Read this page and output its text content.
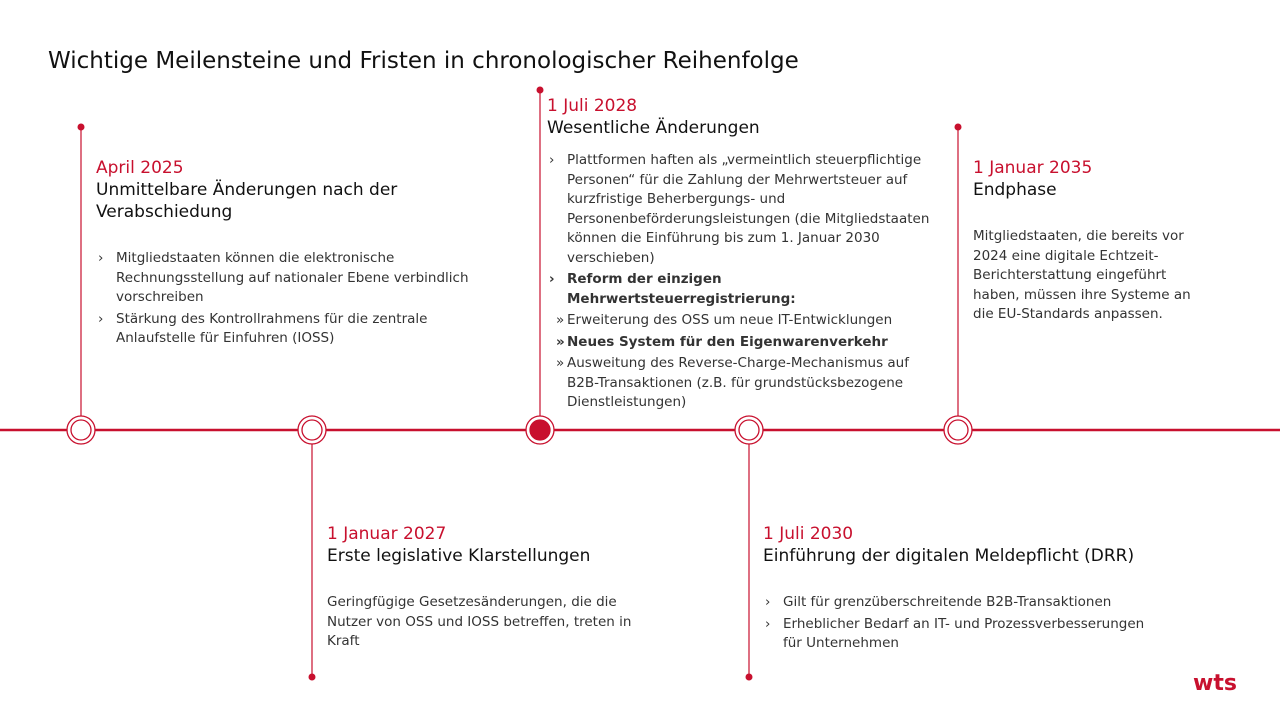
Wichtige Meilensteine und Fristen in chronologischer Reihenfolge
April 2025
Unmittelbare Änderungen nach der Verabschiedung
› Mitgliedstaaten können die elektronische Rechnungsstellung auf nationaler Ebene verbindlich vorschreiben
› Stärkung des Kontrollrahmens für die zentrale Anlaufstelle für Einfuhren (IOSS)
1 Januar 2027
Erste legislative Klarstellungen
Geringfügige Gesetzesänderungen, die die Nutzer von OSS und IOSS betreffen, treten in Kraft
1 Juli 2028
Wesentliche Änderungen
› Plattformen haften als „vermeintlich steuerpflichtige Personen“ für die Zahlung der Mehrwertsteuer auf kurzfristige Beherbergungs- und Personenbeförderungsleistungen (die Mitgliedstaaten können die Einführung bis zum 1. Januar 2030 verschieben)
› Reform der einzigen Mehrwertsteuerregistrierung:
» Erweiterung des OSS um neue IT-Entwicklungen
» Neues System für den Eigenwarenverkehr
» Ausweitung des Reverse-Charge-Mechanismus auf B2B-Transaktionen (z.B. für grundstücksbezogene Dienstleistungen)
1 Juli 2030
Einführung der digitalen Meldepflicht (DRR)
› Gilt für grenzüberschreitende B2B-Transaktionen
› Erheblicher Bedarf an IT- und Prozessverbesserungen für Unternehmen
1 Januar 2035
Endphase
Mitgliedstaaten, die bereits vor 2024 eine digitale Echtzeit-Berichterstattung eingeführt haben, müssen ihre Systeme an die EU-Standards anpassen.
wts
